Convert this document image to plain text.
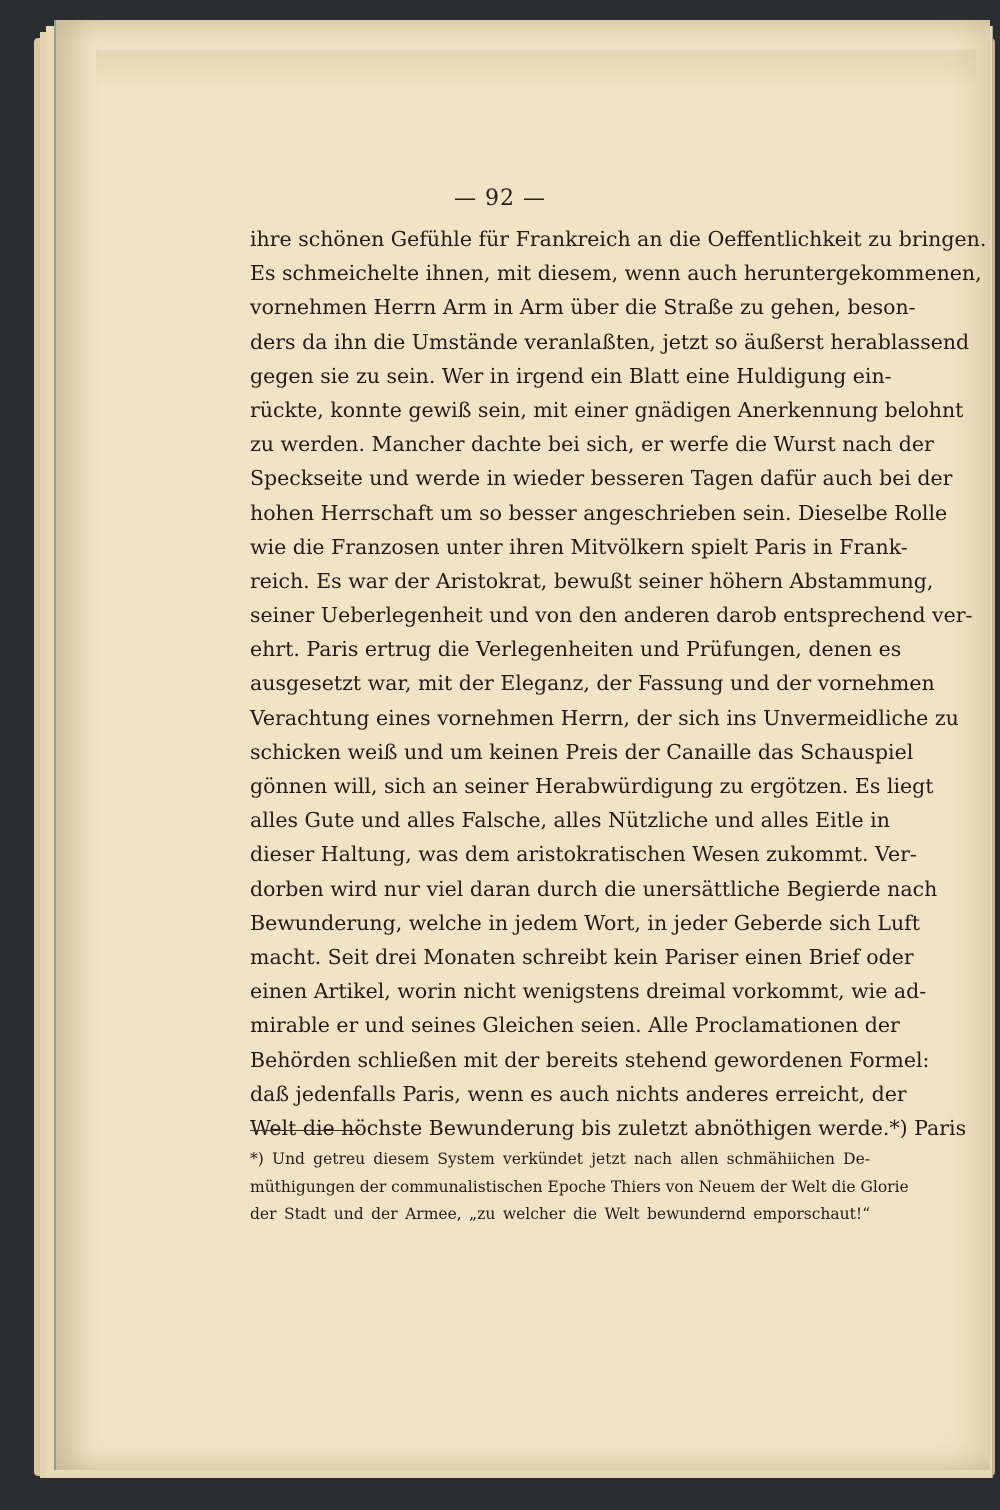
— 92 —
ihre schönen Gefühle für Frankreich an die Oeffentlichkeit zu bringen.
Es schmeichelte ihnen, mit diesem, wenn auch heruntergekommenen,
vornehmen Herrn Arm in Arm über die Straße zu gehen, beson-
ders da ihn die Umstände veranlaßten, jetzt so äußerst herablassend
gegen sie zu sein. Wer in irgend ein Blatt eine Huldigung ein-
rückte, konnte gewiß sein, mit einer gnädigen Anerkennung belohnt
zu werden. Mancher dachte bei sich, er werfe die Wurst nach der
Speckseite und werde in wieder besseren Tagen dafür auch bei der
hohen Herrschaft um so besser angeschrieben sein. Dieselbe Rolle
wie die Franzosen unter ihren Mitvölkern spielt Paris in Frank-
reich. Es war der Aristokrat, bewußt seiner höhern Abstammung,
seiner Ueberlegenheit und von den anderen darob entsprechend ver-
ehrt. Paris ertrug die Verlegenheiten und Prüfungen, denen es
ausgesetzt war, mit der Eleganz, der Fassung und der vornehmen
Verachtung eines vornehmen Herrn, der sich ins Unvermeidliche zu
schicken weiß und um keinen Preis der Canaille das Schauspiel
gönnen will, sich an seiner Herabwürdigung zu ergötzen. Es liegt
alles Gute und alles Falsche, alles Nützliche und alles Eitle in
dieser Haltung, was dem aristokratischen Wesen zukommt. Ver-
dorben wird nur viel daran durch die unersättliche Begierde nach
Bewunderung, welche in jedem Wort, in jeder Geberde sich Luft
macht. Seit drei Monaten schreibt kein Pariser einen Brief oder
einen Artikel, worin nicht wenigstens dreimal vorkommt, wie ad-
mirable er und seines Gleichen seien. Alle Proclamationen der
Behörden schließen mit der bereits stehend gewordenen Formel:
daß jedenfalls Paris, wenn es auch nichts anderes erreicht, der
Welt die höchste Bewunderung bis zuletzt abnöthigen werde.*) Paris
*) Und getreu diesem System verkündet jetzt nach allen schmähiichen De-
müthigungen der communalistischen Epoche Thiers von Neuem der Welt die Glorie
der Stadt und der Armee, „zu welcher die Welt bewundernd emporschaut!“
